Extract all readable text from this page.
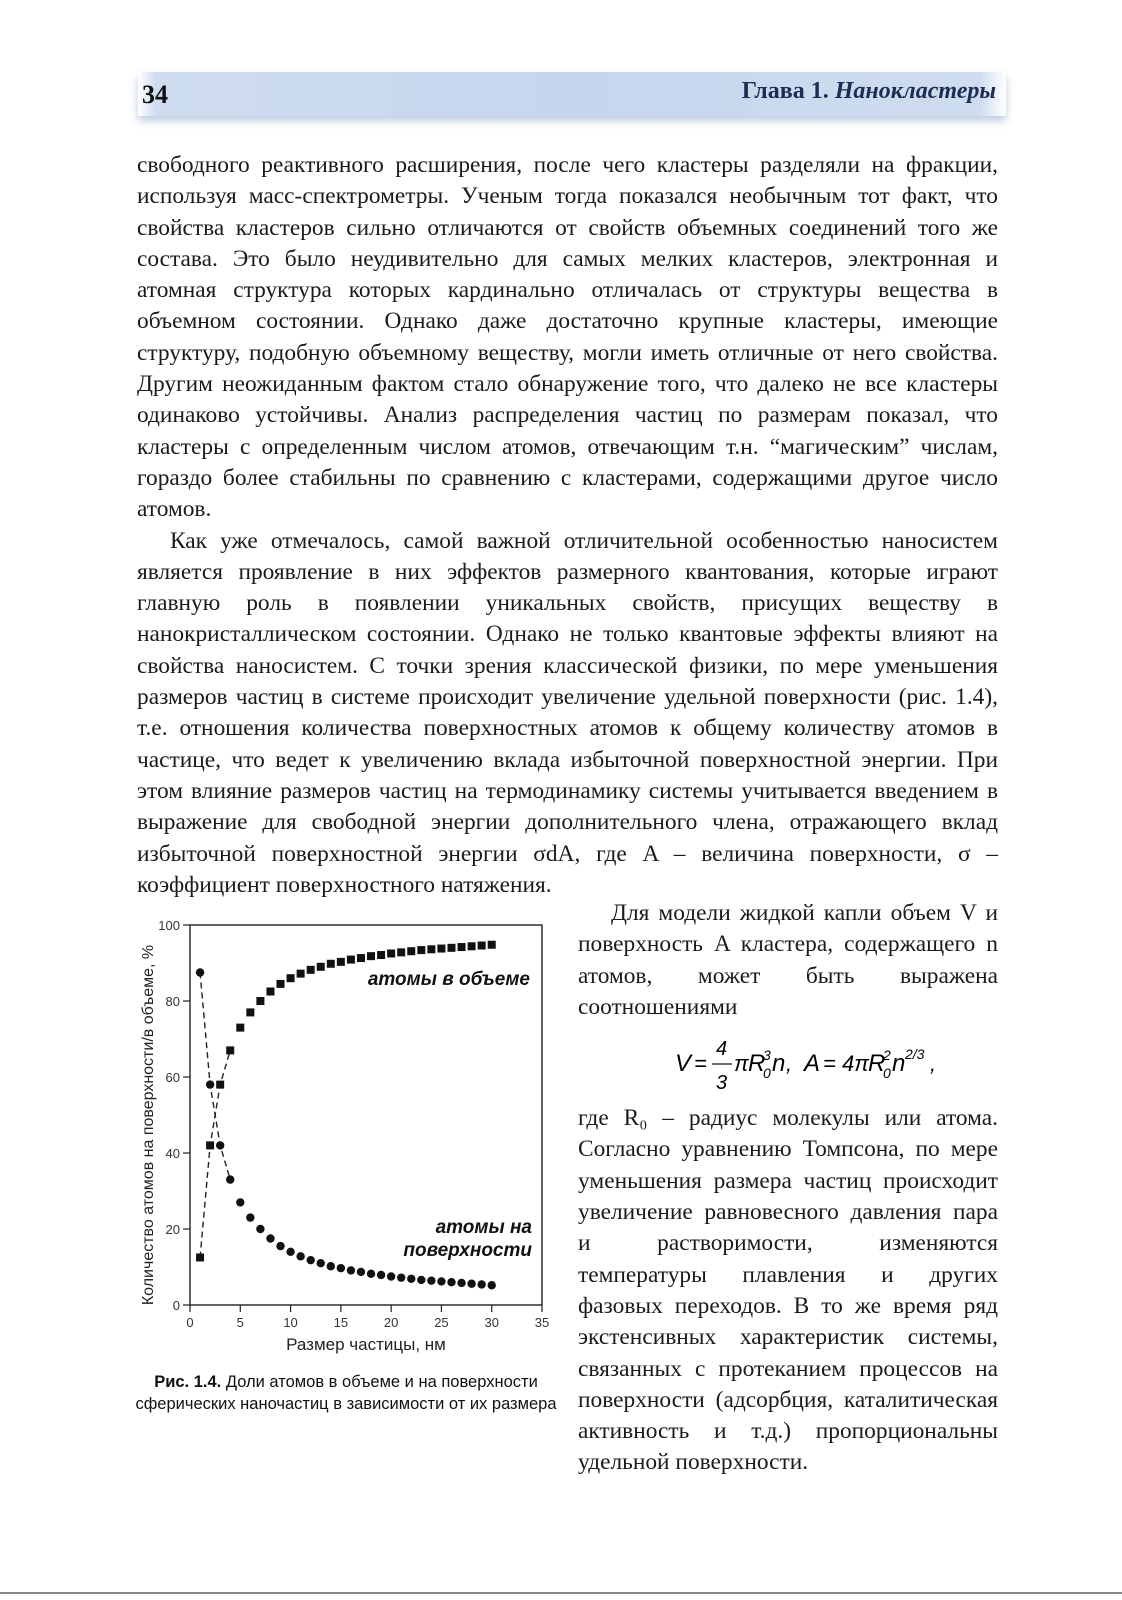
34	Глава 1. Нанокластеры

свободного реактивного расширения, после чего кластеры разделяли на фракции, используя масс-спектрометры. Ученым тогда показался необычным тот факт, что свойства кластеров сильно отличаются от свойств объемных соединений того же состава. Это было неудивительно для самых мелких кластеров, электронная и атомная структура которых кардинально отличалась от структуры вещества в объемном состоянии. Однако даже достаточно крупные кластеры, имеющие структуру, подобную объемному веществу, могли иметь отличные от него свойства. Другим неожиданным фактом стало обнаружение того, что далеко не все кластеры одинаково устойчивы. Анализ распределения частиц по размерам показал, что кластеры с определенным числом атомов, отвечающим т.н. “магическим” числам, гораздо более стабильны по сравнению с кластерами, содержащими другое число атомов.

Как уже отмечалось, самой важной отличительной особенностью наносистем является проявление в них эффектов размерного квантования, которые играют главную роль в появлении уникальных свойств, присущих веществу в нанокристаллическом состоянии. Однако не только квантовые эффекты влияют на свойства наносистем. С точки зрения классической физики, по мере уменьшения размеров частиц в системе происходит увеличение удельной поверхности (рис. 1.4), т.е. отношения количества поверхностных атомов к общему количеству атомов в частице, что ведет к увеличению вклада избыточной поверхностной энергии. При этом влияние размеров частиц на термодинамику системы учитывается введением в выражение для свободной энергии дополнительного члена, отражающего вклад избыточной поверхностной энергии σdA, где A – величина поверхности, σ – коэффициент поверхностного натяжения.

0
20
40
60
80
100
0	5	10	15	20	25	30	35
Размер частицы, нм
Количество атомов на поверхности/в объеме, %	атомы в объеме
атомы на
поверхности
Рис. 1.4. Доли атомов в объеме и на поверхности сферических наночастиц в зависимости от их размера

Для модели жидкой капли объем V и поверхность A кластера, содержащего n атомов, может быть выражена соотношениями

V =
4
3
π R
3
0 n , A = 4π R
2
0 n 2/3 ,

где R₀ – радиус молекулы или атома. Согласно уравнению Томпсона, по мере уменьшения размера частиц происходит увеличение равновесного давления пара и растворимости, изменяются температуры плавления и других фазовых переходов. В то же время ряд экстенсивных характеристик системы, связанных с протеканием процессов на поверхности (адсорбция, каталитическая активность и т.д.) пропорциональны удельной поверхности.
